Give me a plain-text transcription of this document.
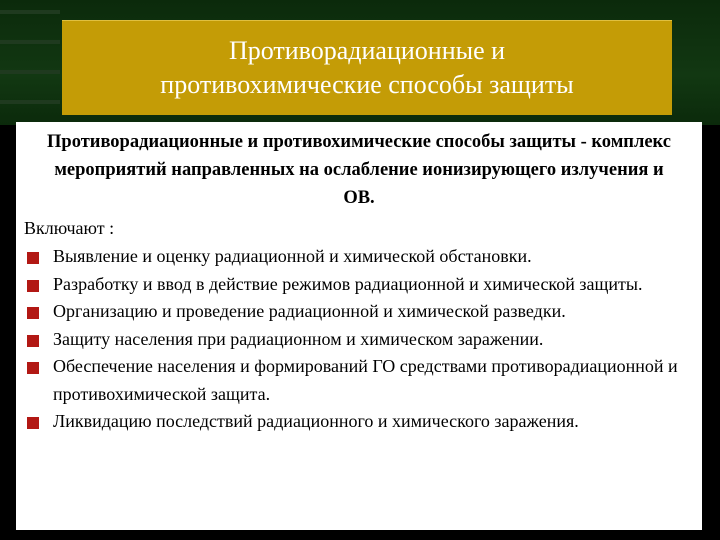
Противорадиационные и
противохимические способы защиты
Противорадиационные и противохимические способы защиты - комплекс мероприятий направленных на ослабление ионизирующего излучения и ОВ.
Включают :
Выявление и оценку радиационной и химической обстановки.
Разработку и ввод в действие режимов радиационной и химической защиты.
Организацию и проведение радиационной и химической разведки.
Защиту населения при радиационном и химическом заражении.
Обеспечение населения и формирований ГО средствами противорадиационной и противохимической защита.
Ликвидацию последствий радиационного и химического заражения.
